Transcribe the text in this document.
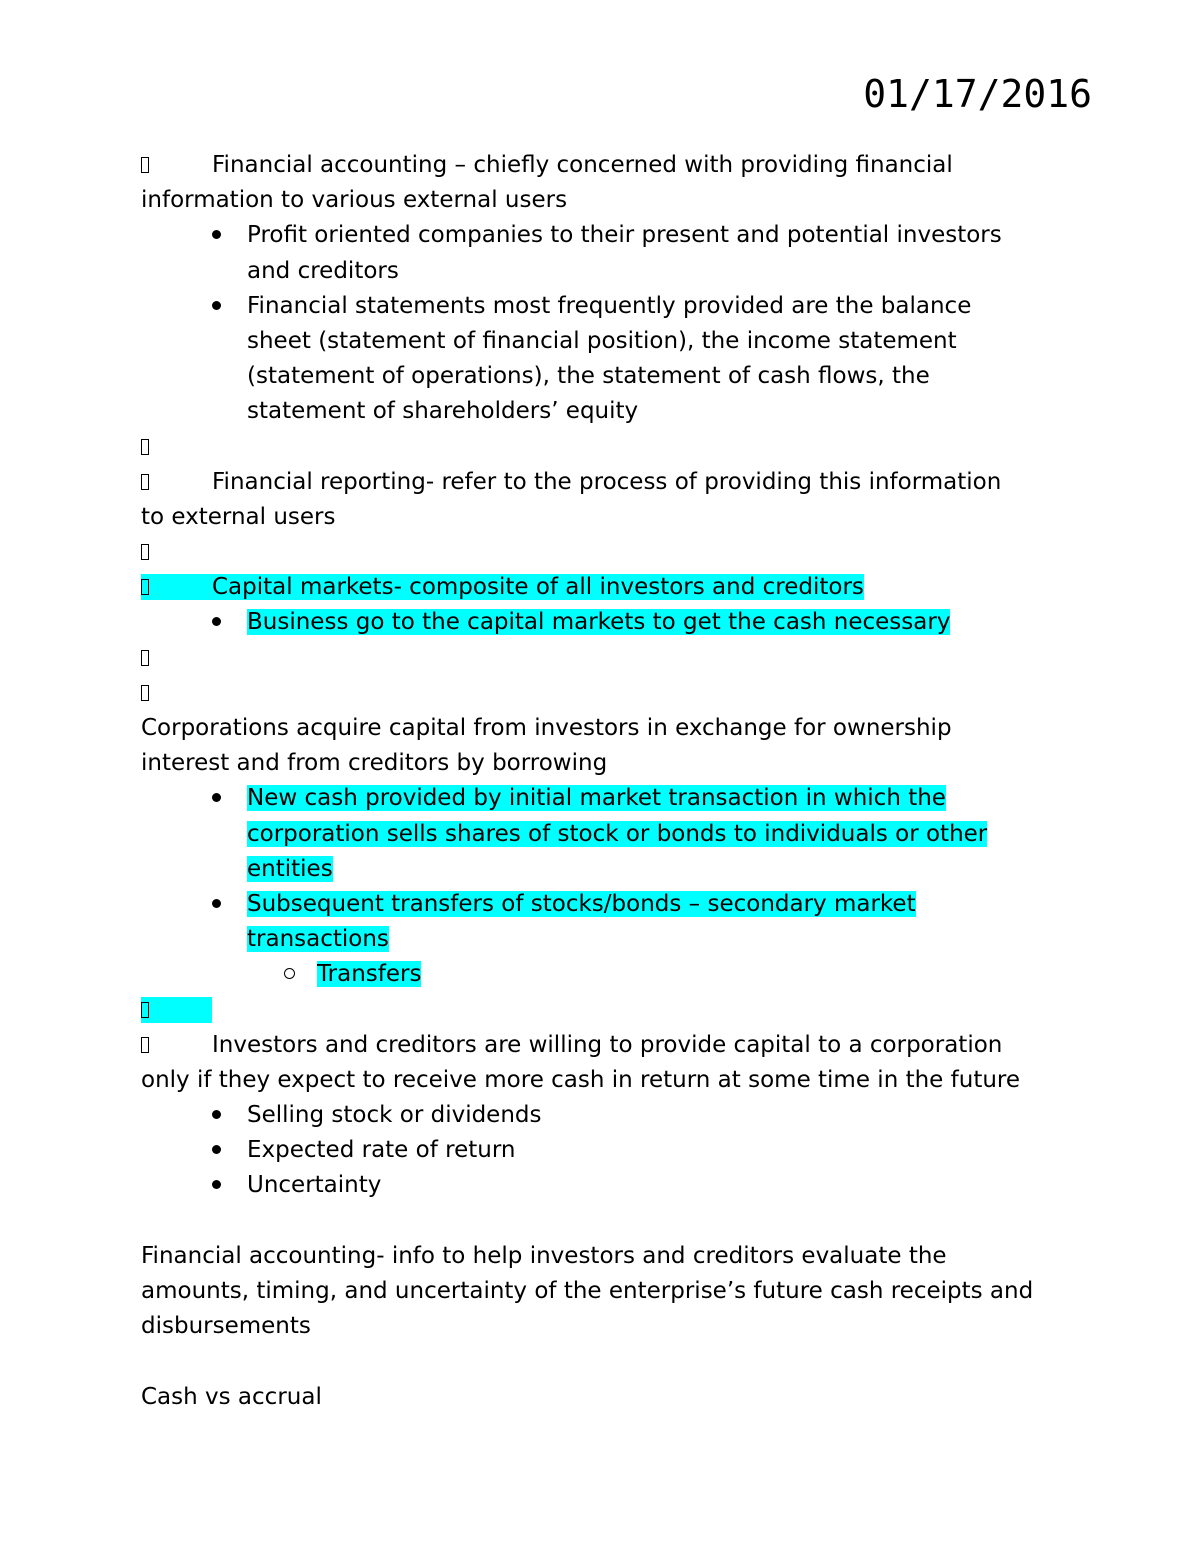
01/17/2016
Financial accounting – chiefly concerned with providing financial
information to various external users
Profit oriented companies to their present and potential investors
and creditors
Financial statements most frequently provided are the balance
sheet (statement of financial position), the income statement
(statement of operations), the statement of cash flows, the
statement of shareholders’ equity
Financial reporting- refer to the process of providing this information
to external users
Capital markets- composite of all investors and creditors
Business go to the capital markets to get the cash necessary
Corporations acquire capital from investors in exchange for ownership
interest and from creditors by borrowing
New cash provided by initial market transaction in which the
corporation sells shares of stock or bonds to individuals or other
entities
Subsequent transfers of stocks/bonds – secondary market
transactions
Transfers
Investors and creditors are willing to provide capital to a corporation
only if they expect to receive more cash in return at some time in the future
Selling stock or dividends
Expected rate of return
Uncertainty
Financial accounting- info to help investors and creditors evaluate the
amounts, timing, and uncertainty of the enterprise’s future cash receipts and
disbursements
Cash vs accrual
